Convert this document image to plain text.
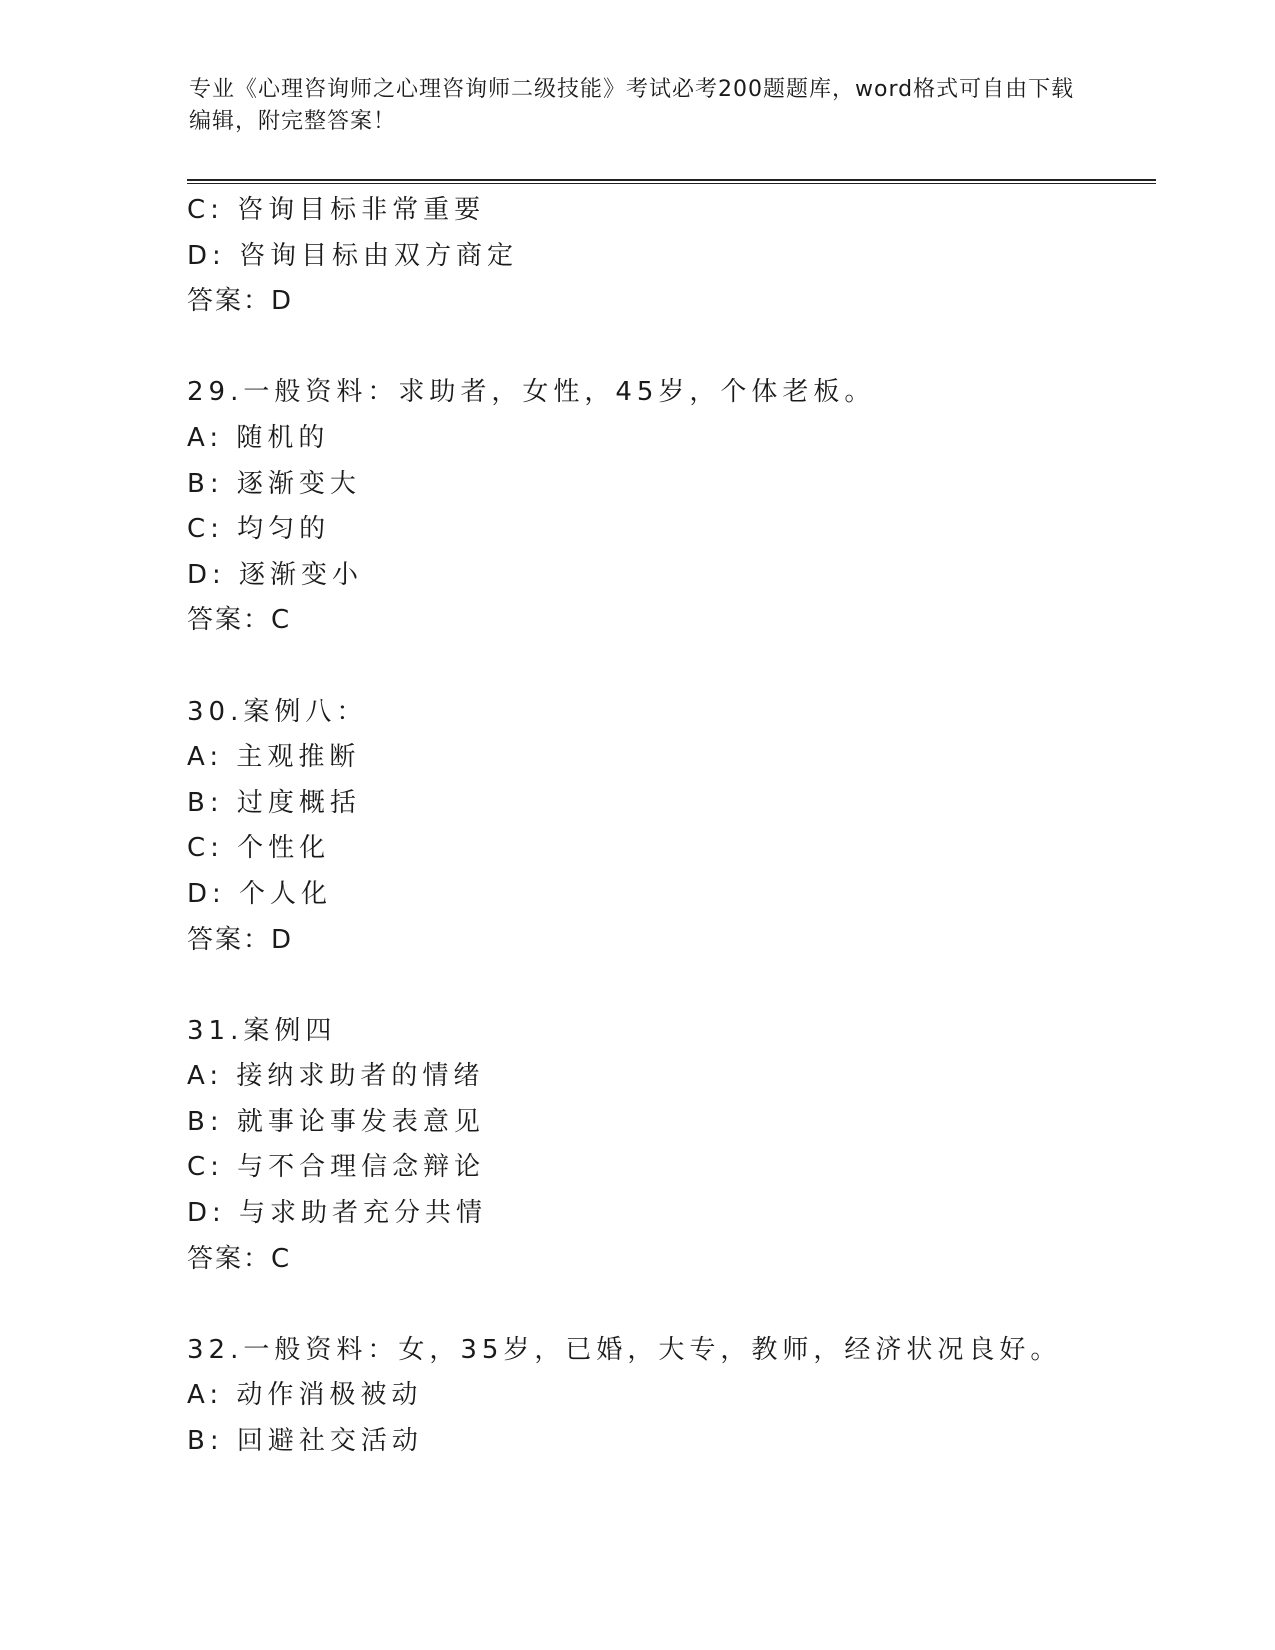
专业《心理咨询师之心理咨询师二级技能》考试必考200题题库，word格式可自由下载编辑，附完整答案！
C: 咨询目标非常重要
D: 咨询目标由双方商定
答案：D
29.一般资料：求助者，女性，45岁，个体老板。
A: 随机的
B: 逐渐变大
C: 均匀的
D: 逐渐变小
答案：C
30.案例八：
A: 主观推断
B: 过度概括
C: 个性化
D: 个人化
答案：D
31.案例四
A: 接纳求助者的情绪
B: 就事论事发表意见
C: 与不合理信念辩论
D: 与求助者充分共情
答案：C
32.一般资料：女，35岁，已婚，大专，教师，经济状况良好。
A: 动作消极被动
B: 回避社交活动
